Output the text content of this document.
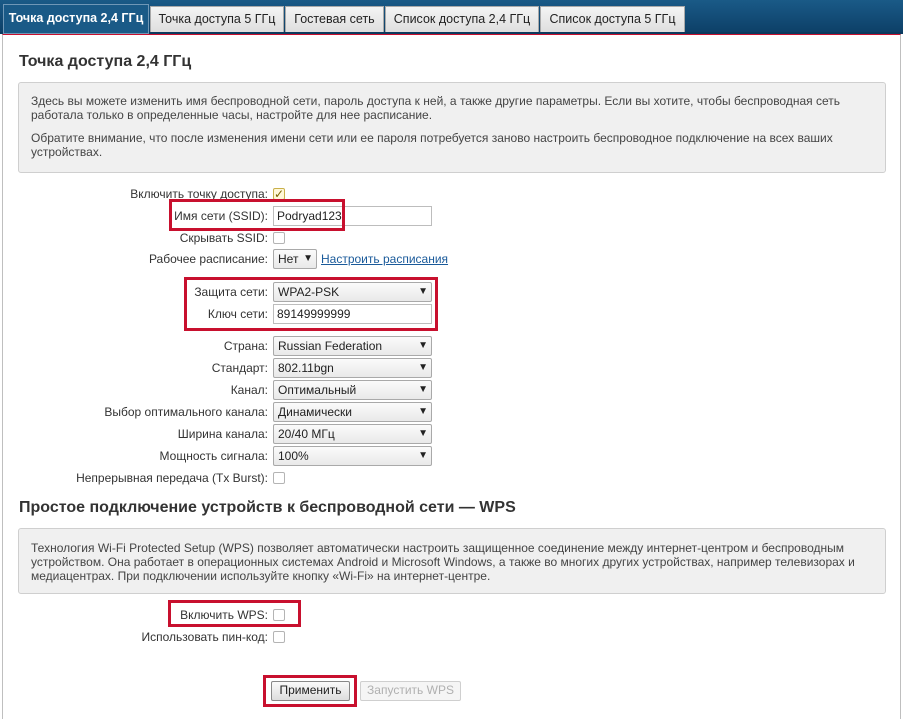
Точка доступа 2,4 ГГц	Точка доступа 5 ГГц	Гостевая сеть	Список доступа 2,4 ГГц	Список доступа 5 ГГц
Точка доступа 2,4 ГГц

Здесь вы можете изменить имя беспроводной сети, пароль доступа к ней, а также другие параметры. Если вы хотите, чтобы беспроводная сеть работала только в определенные часы, настройте для нее расписание.

Обратите внимание, что после изменения имени сети или ее пароля потребуется заново настроить беспроводное подключение на всех ваших устройствах.

Включить точку доступа: ✓
Имя сети (SSID): Podryad123
Скрывать SSID:
Рабочее расписание: Нет ▼ Настроить расписания
Защита сети: WPA2-PSK	▼
Ключ сети: 89149999999
Страна: Russian Federation	▼
Стандарт: 802.11bgn	▼
Канал: Оптимальный	▼
Выбор оптимального канала: Динамически	▼
Ширина канала: 20/40 МГц	▼
Мощность сигнала: 100%	▼
Непрерывная передача (Tx Burst):
Простое подключение устройств к беспроводной сети — WPS

Технология Wi-Fi Protected Setup (WPS) позволяет автоматически настроить защищенное соединение между интернет-центром и беспроводным устройством. Она работает в операционных системах Android и Microsoft Windows, а также во многих других устройствах, например телевизорах и медиацентрах. При подключении используйте кнопку «Wi-Fi» на интернет-центре.

Включить WPS:
Использовать пин-код:
Применить	Запустить WPS
